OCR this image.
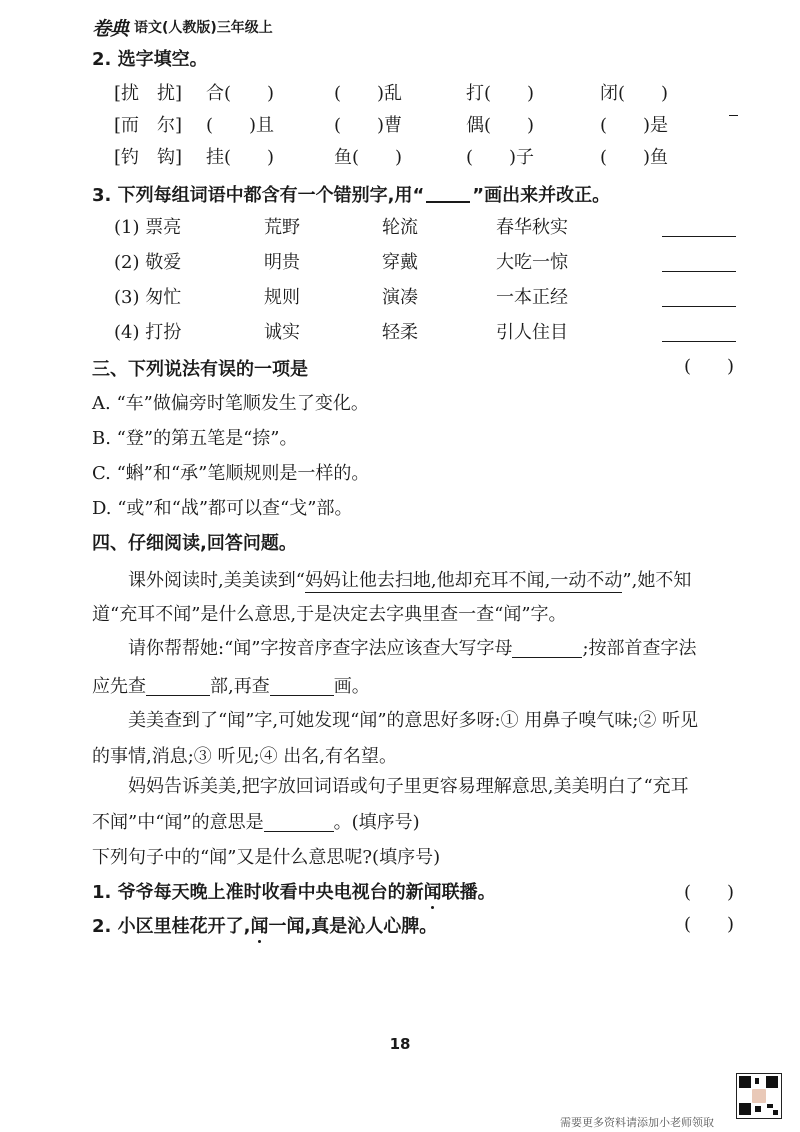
卷典 语文(人教版)三年级上
2. 选字填空。
[扰　扰] 合(　　)	(　　)乱	打(　　)	闭(　　)
[而　尔] (　　)且	(　　)曹	偶(　　)	(　　)是
[钓　钩] 挂(　　)	鱼(　　)	(　　)子	(　　)鱼
3. 下列每组词语中都含有一个错别字,用“	”画出来并改正。
(1) 票亮	荒野	轮流	春华秋实
(2) 敬爱	明贵	穿戴	大吃一惊
(3) 匆忙	规则	演凑	一本正经
(4) 打扮	诚实	轻柔	引人住目
三、下列说法有误的一项是	(　　)
A. “车”做偏旁时笔顺发生了变化。
B. “登”的第五笔是“捺”。
C. “蝌”和“承”笔顺规则是一样的。
D. “或”和“战”都可以查“戈”部。
四、仔细阅读,回答问题。
课外阅读时,美美读到“妈妈让他去扫地,他却充耳不闻,一动不动”,她不知
道“充耳不闻”是什么意思,于是决定去字典里查一查“闻”字。
请你帮帮她:“闻”字按音序查字法应该查大写字母	;按部首查字法
应先查	部,再查	画。
美美查到了“闻”字,可她发现“闻”的意思好多呀:① 用鼻子嗅气味;② 听见
的事情,消息;③ 听见;④ 出名,有名望。
妈妈告诉美美,把字放回词语或句子里更容易理解意思,美美明白了“充耳
不闻”中“闻”的意思是	。(填序号)
下列句子中的“闻”又是什么意思呢?(填序号)
1. 爷爷每天晚上准时收看中央电视台的新闻联播。	(　　)
2. 小区里桂花开了,闻一闻,真是沁人心脾。	(　　)
18
需要更多资料请添加小老师领取
